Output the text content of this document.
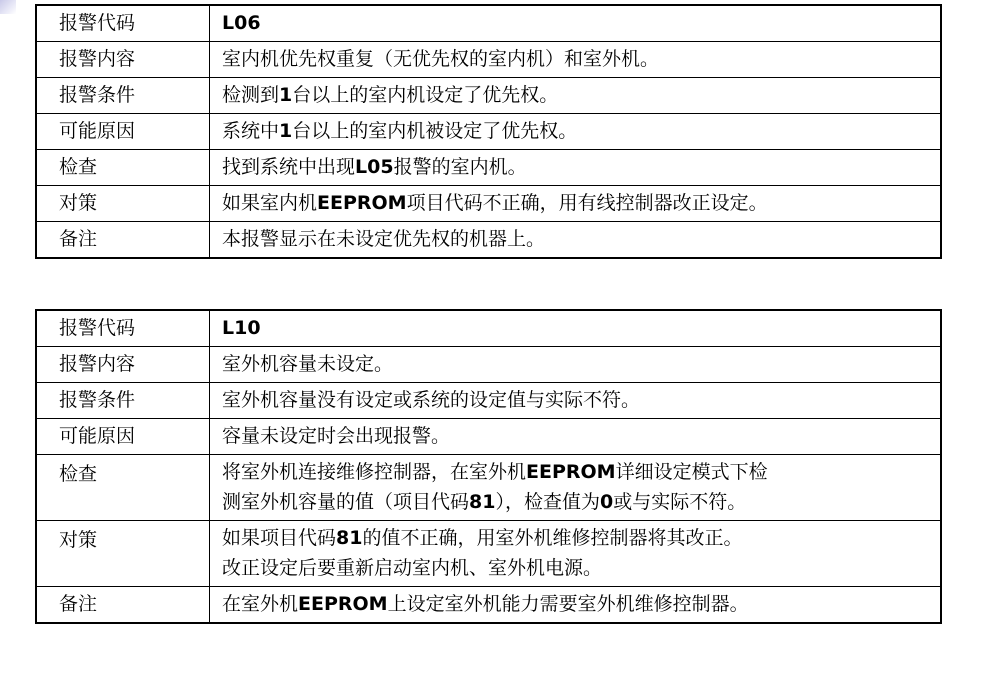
报警代码	L06
报警内容	室内机优先权重复（无优先权的室内机）和室外机。
报警条件	检测到1台以上的室内机设定了优先权。
可能原因	系统中1台以上的室内机被设定了优先权。
检查	找到系统中出现L05报警的室内机。
对策	如果室内机EEPROM项目代码不正确，用有线控制器改正设定。
备注	本报警显示在未设定优先权的机器上。
报警代码	L10
报警内容	室外机容量未设定。
报警条件	室外机容量没有设定或系统的设定值与实际不符。
可能原因	容量未设定时会出现报警。
检查	将室外机连接维修控制器，在室外机EEPROM详细设定模式下检
测室外机容量的值（项目代码81），检查值为0或与实际不符。
对策	如果项目代码81的值不正确，用室外机维修控制器将其改正。
改正设定后要重新启动室内机、室外机电源。
备注	在室外机EEPROM上设定室外机能力需要室外机维修控制器。
